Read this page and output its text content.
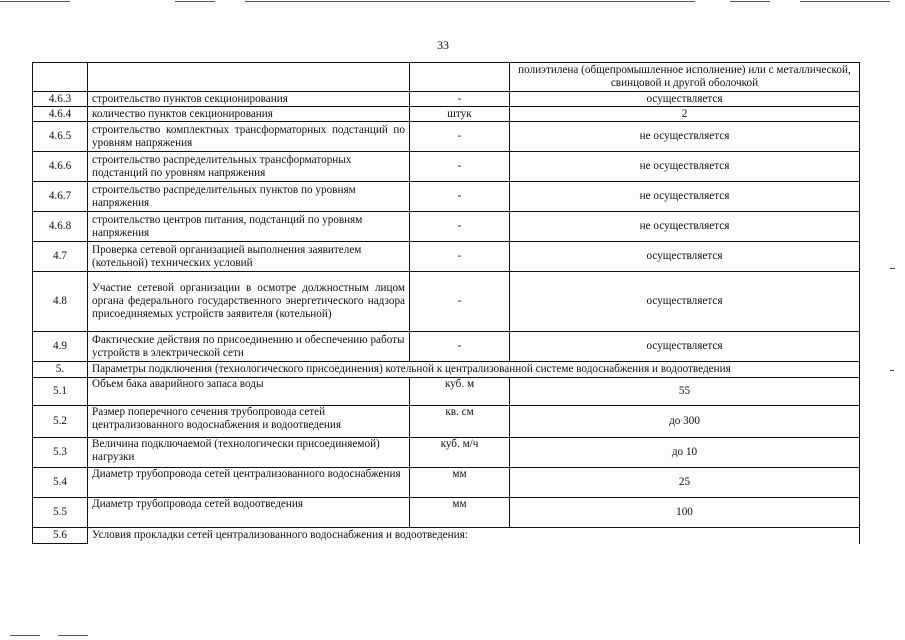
33
			полиэтилена (общепромышленное исполнение) или с металлической, свинцовой и другой оболочкой
4.6.3	строительство пунктов секционирования	-	осуществляется
4.6.4	количество пунктов секционирования	штук	2
4.6.5	строительство комплектных трансформаторных подстанций по уровням напряжения	-	не осуществляется
4.6.6	строительство распределительных трансформаторных подстанций по уровням напряжения	-	не осуществляется
4.6.7	строительство распределительных пунктов по уровням напряжения	-	не осуществляется
4.6.8	строительство центров питания, подстанций по уровням напряжения	-	не осуществляется
4.7	Проверка сетевой организацией выполнения заявителем (котельной) технических условий	-	осуществляется
4.8	Участие сетевой организации в осмотре должностным лицом органа федерального государственного энергетического надзора присоединяемых устройств заявителя (котельной)	-	осуществляется
4.9	Фактические действия по присоединению и обеспечению работы устройств в электрической сети	-	осуществляется
5.	Параметры подключения (технологического присоединения) котельной к централизованной системе водоснабжения и водоотведения		
5.1	Объем бака аварийного запаса воды	куб. м	55
5.2	Размер поперечного сечения трубопровода сетей централизованного водоснабжения и водоотведения	кв. см	до 300
5.3	Величина подключаемой (технологически присоединяемой) нагрузки	куб. м/ч	до 10
5.4	Диаметр трубопровода сетей централизованного водоснабжения	мм	25
5.5	Диаметр трубопровода сетей водоотведения	мм	100
5.6	Условия прокладки сетей централизованного водоснабжения и водоотведения:		
